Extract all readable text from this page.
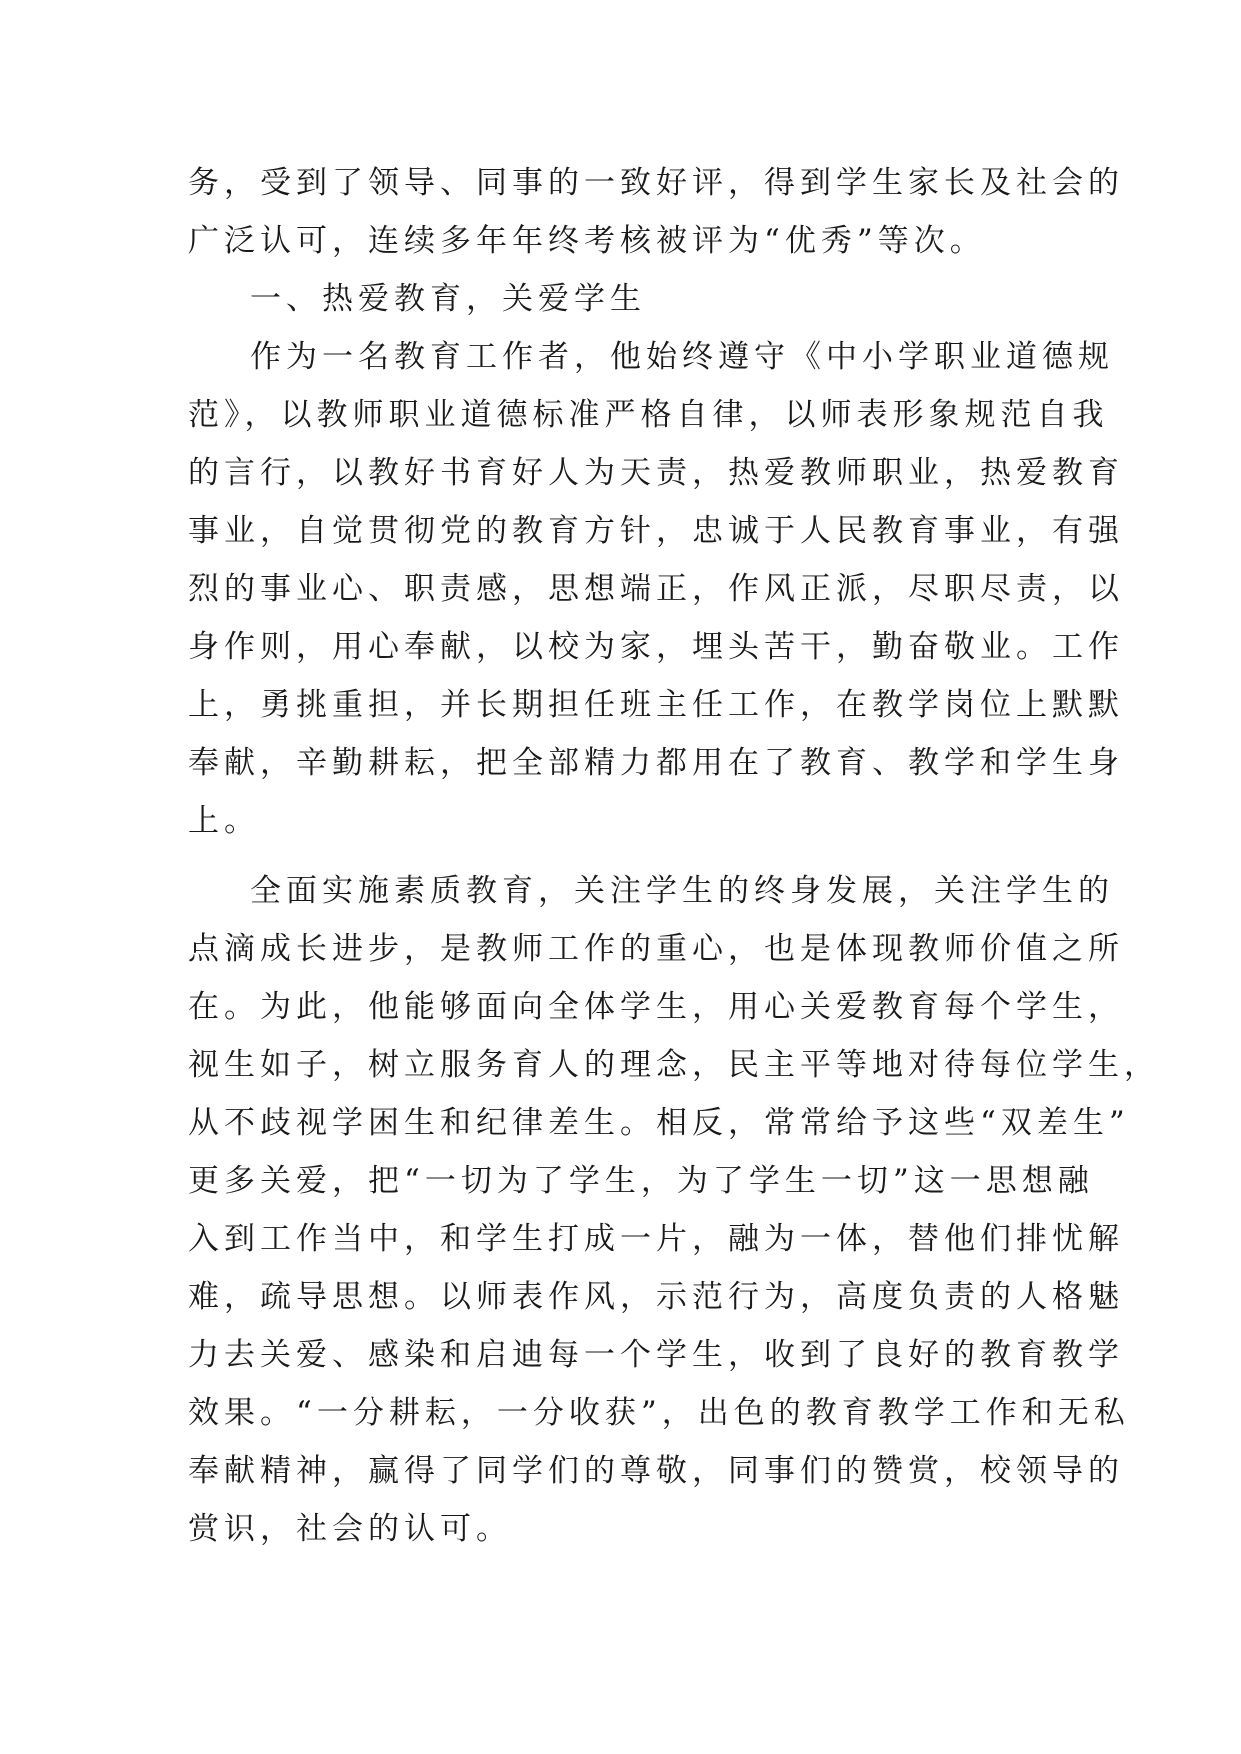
务，受到了领导、同事的一致好评，得到学生家长及社会的
广泛认可，连续多年年终考核被评为“优秀”等次。
一、热爱教育，关爱学生
作为一名教育工作者，他始终遵守《中小学职业道德规
范》，以教师职业道德标准严格自律，以师表形象规范自我
的言行，以教好书育好人为天责，热爱教师职业，热爱教育
事业，自觉贯彻党的教育方针，忠诚于人民教育事业，有强
烈的事业心、职责感，思想端正，作风正派，尽职尽责，以
身作则，用心奉献，以校为家，埋头苦干，勤奋敬业。工作
上，勇挑重担，并长期担任班主任工作，在教学岗位上默默
奉献，辛勤耕耘，把全部精力都用在了教育、教学和学生身
上。
全面实施素质教育，关注学生的终身发展，关注学生的
点滴成长进步，是教师工作的重心，也是体现教师价值之所
在。为此，他能够面向全体学生，用心关爱教育每个学生，
视生如子，树立服务育人的理念，民主平等地对待每位学生，
从不歧视学困生和纪律差生。相反，常常给予这些“双差生”
更多关爱，把“一切为了学生，为了学生一切”这一思想融
入到工作当中，和学生打成一片，融为一体，替他们排忧解
难，疏导思想。以师表作风，示范行为，高度负责的人格魅
力去关爱、感染和启迪每一个学生，收到了良好的教育教学
效果。“一分耕耘，一分收获”，出色的教育教学工作和无私
奉献精神，赢得了同学们的尊敬，同事们的赞赏，校领导的
赏识，社会的认可。
